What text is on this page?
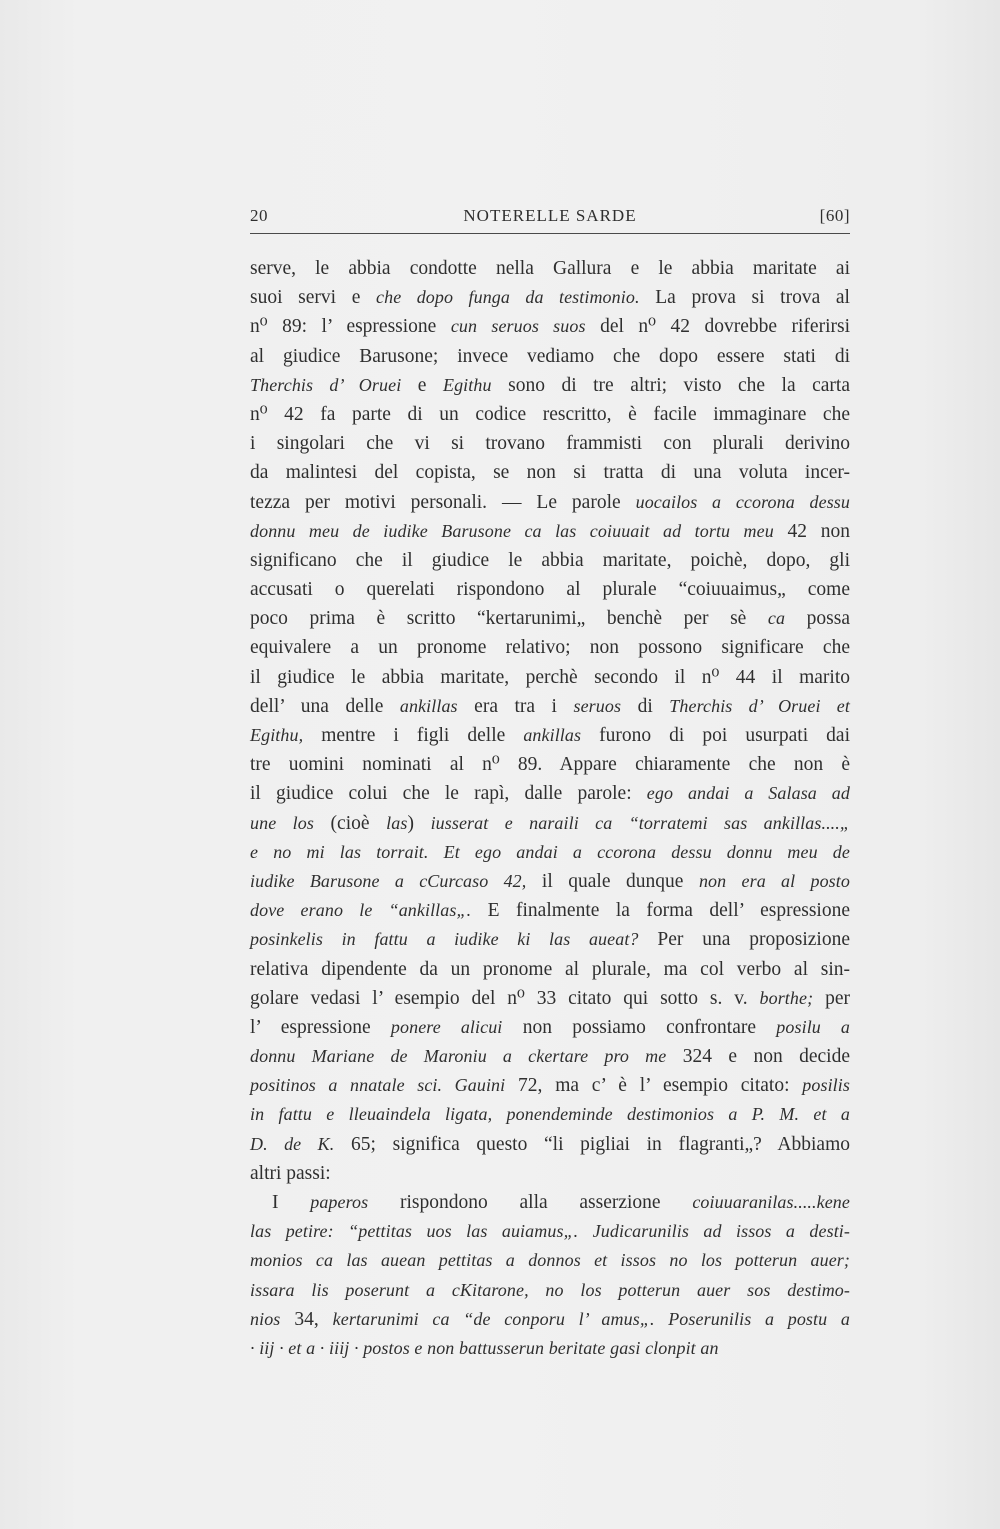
20	NOTERELLE SARDE	[60]

serve, le abbia condotte nella Gallura e le abbia maritate ai
suoi servi e che dopo funga da testimonio. La prova si trova al
n⁰ 89: l’ espressione cun seruos suos del n⁰ 42 dovrebbe riferirsi
al giudice Barusone; invece vediamo che dopo essere stati di
Therchis d’ Oruei e Egithu sono di tre altri; visto che la carta
n⁰ 42 fa parte di un codice rescritto, è facile immaginare che
i singolari che vi si trovano frammisti con plurali derivino
da malintesi del copista, se non si tratta di una voluta incer-
tezza per motivi personali. — Le parole uocailos a ccorona dessu
donnu meu de iudike Barusone ca las coiuuait ad tortu meu 42 non
significano che il giudice le abbia maritate, poichè, dopo, gli
accusati o querelati rispondono al plurale “coiuuaimus„ come
poco prima è scritto “kertarunimi„ benchè per sè ca possa
equivalere a un pronome relativo; non possono significare che
il giudice le abbia maritate, perchè secondo il n⁰ 44 il marito
dell’ una delle ankillas era tra i seruos di Therchis d’ Oruei et
Egithu, mentre i figli delle ankillas furono di poi usurpati dai
tre uomini nominati al n⁰ 89. Appare chiaramente che non è
il giudice colui che le rapì, dalle parole: ego andai a Salasa ad
une los (cioè las) iusserat e naraili ca “torratemi sas ankillas....„
e no mi las torrait. Et ego andai a ccorona dessu donnu meu de
iudike Barusone a cCurcaso 42, il quale dunque non era al posto
dove erano le “ankillas„. E finalmente la forma dell’ espressione
posinkelis in fattu a iudike ki las aueat? Per una proposizione
relativa dipendente da un pronome al plurale, ma col verbo al sin-
golare vedasi l’ esempio del n⁰ 33 citato qui sotto s. v. borthe; per
l’ espressione ponere alicui non possiamo confrontare posilu a
donnu Mariane de Maroniu a ckertare pro me 324 e non decide
positinos a nnatale sci. Gauini 72, ma c’ è l’ esempio citato: posilis
in fattu e lleuaindela ligata, ponendeminde destimonios a P. M. et a
D. de K. 65; significa questo “li pigliai in flagranti„? Abbiamo
altri passi:

I paperos rispondono alla asserzione coiuuaranilas.....kene
las petire: “pettitas uos las auiamus„. Judicarunilis ad issos a desti-
monios ca las auean pettitas a donnos et issos no los potterun auer;
issara lis poserunt a cKitarone, no los potterun auer sos destimo-
nios 34, kertarunimi ca “de conporu l’ amus„. Poserunilis a postu a
· iij · et a · iiij · postos e non battusserun beritate gasi clonpit an
